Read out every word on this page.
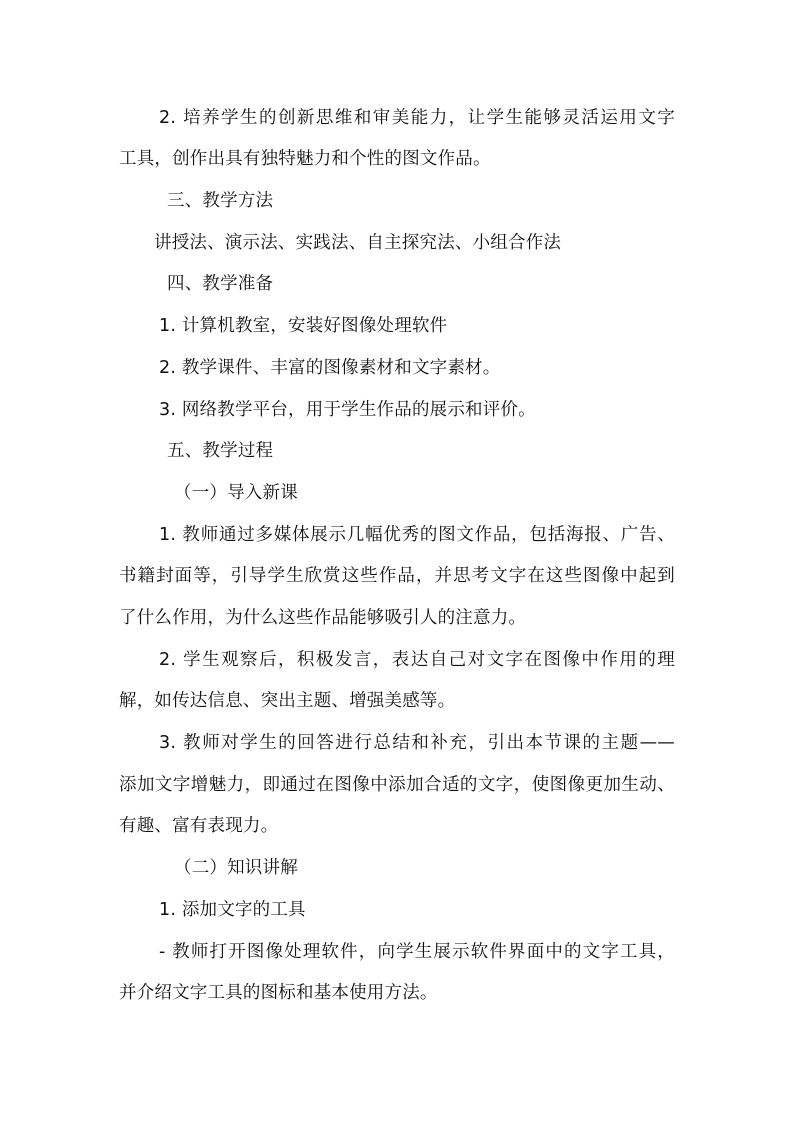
2. 培养学生的创新思维和审美能力，让学生能够灵活运用文字
工具，创作出具有独特魅力和个性的图文作品。
三、教学方法
讲授法、演示法、实践法、自主探究法、小组合作法
四、教学准备
1. 计算机教室，安装好图像处理软件
2. 教学课件、丰富的图像素材和文字素材。
3. 网络教学平台，用于学生作品的展示和评价。
五、教学过程
（一）导入新课
1. 教师通过多媒体展示几幅优秀的图文作品，包括海报、广告、
书籍封面等，引导学生欣赏这些作品，并思考文字在这些图像中起到
了什么作用，为什么这些作品能够吸引人的注意力。
2. 学生观察后，积极发言，表达自己对文字在图像中作用的理
解，如传达信息、突出主题、增强美感等。
3. 教师对学生的回答进行总结和补充，引出本节课的主题——
添加文字增魅力，即通过在图像中添加合适的文字，使图像更加生动、
有趣、富有表现力。
（二）知识讲解
1. 添加文字的工具
- 教师打开图像处理软件，向学生展示软件界面中的文字工具，
并介绍文字工具的图标和基本使用方法。
